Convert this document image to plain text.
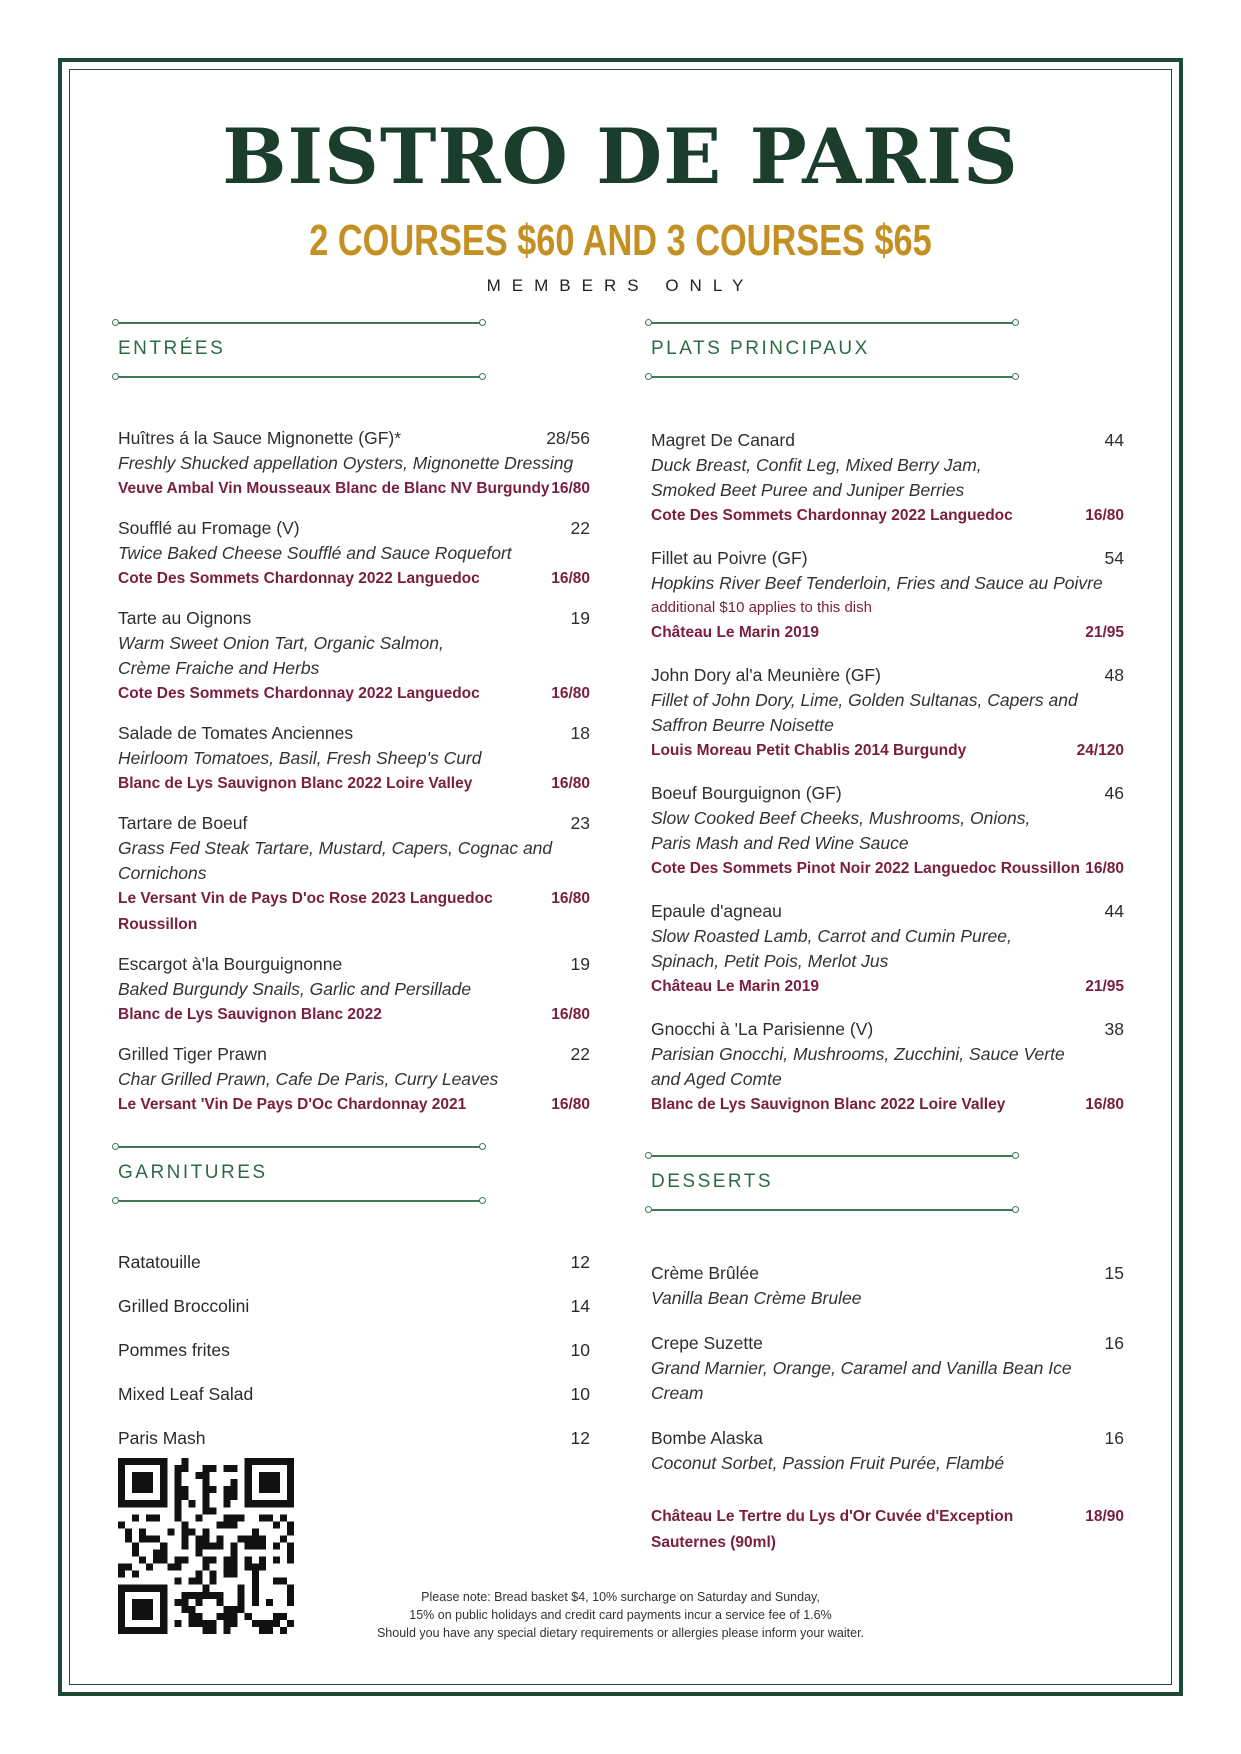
BISTRO DE PARIS
2 COURSES $60 AND 3 COURSES $65
MEMBERS ONLY
ENTRÉES
Huîtres á la Sauce Mignonette (GF)*	28/56
Freshly Shucked appellation Oysters, Mignonette Dressing
Veuve Ambal Vin Mousseaux Blanc de Blanc NV Burgundy 16/80
Soufflé au Fromage (V)	22
Twice Baked Cheese Soufflé and Sauce Roquefort
Cote Des Sommets Chardonnay 2022 Languedoc	16/80
Tarte au Oignons	19
Warm Sweet Onion Tart, Organic Salmon,
Crème Fraiche and Herbs
Cote Des Sommets Chardonnay 2022 Languedoc	16/80
Salade de Tomates Anciennes	18
Heirloom Tomatoes, Basil, Fresh Sheep's Curd
Blanc de Lys Sauvignon Blanc 2022 Loire Valley	16/80
Tartare de Boeuf	23
Grass Fed Steak Tartare, Mustard, Capers, Cognac and
Cornichons
Le Versant Vin de Pays D'oc Rose 2023 Languedoc Roussillon
16/80
Escargot à'la Bourguignonne	19
Baked Burgundy Snails, Garlic and Persillade
Blanc de Lys Sauvignon Blanc 2022	16/80
Grilled Tiger Prawn	22
Char Grilled Prawn, Cafe De Paris, Curry Leaves
Le Versant 'Vin De Pays D'Oc Chardonnay 2021	16/80
GARNITURES
Ratatouille	12
Grilled Broccolini	14
Pommes frites	10
Mixed Leaf Salad	10
Paris Mash	12
PLATS PRINCIPAUX
Magret De Canard	44
Duck Breast, Confit Leg, Mixed Berry Jam,
Smoked Beet Puree and Juniper Berries
Cote Des Sommets Chardonnay 2022 Languedoc	16/80
Fillet au Poivre (GF)	54
Hopkins River Beef Tenderloin, Fries and Sauce au Poivre
additional $10 applies to this dish
Château Le Marin 2019	21/95
John Dory al'a Meunière (GF)	48
Fillet of John Dory, Lime, Golden Sultanas, Capers and
Saffron Beurre Noisette
Louis Moreau Petit Chablis 2014 Burgundy	24/120
Boeuf Bourguignon (GF)	46
Slow Cooked Beef Cheeks, Mushrooms, Onions,
Paris Mash and Red Wine Sauce
Cote Des Sommets Pinot Noir 2022 Languedoc Roussillon 16/80
Epaule d'agneau	44
Slow Roasted Lamb, Carrot and Cumin Puree,
Spinach, Petit Pois, Merlot Jus
Château Le Marin 2019	21/95
Gnocchi à 'La Parisienne (V)	38
Parisian Gnocchi, Mushrooms, Zucchini, Sauce Verte
and Aged Comte
Blanc de Lys Sauvignon Blanc 2022 Loire Valley	16/80
DESSERTS
Crème Brûlée	15
Vanilla Bean Crème Brulee
Crepe Suzette	16
Grand Marnier, Orange, Caramel and Vanilla Bean Ice Cream
Bombe Alaska	16
Coconut Sorbet, Passion Fruit Purée, Flambé
Château Le Tertre du Lys d'Or Cuvée d'Exception Sauternes (90ml)
18/90
Please note: Bread basket $4, 10% surcharge on Saturday and Sunday,
15% on public holidays and credit card payments incur a service fee of 1.6%
Should you have any special dietary requirements or allergies please inform your waiter.
